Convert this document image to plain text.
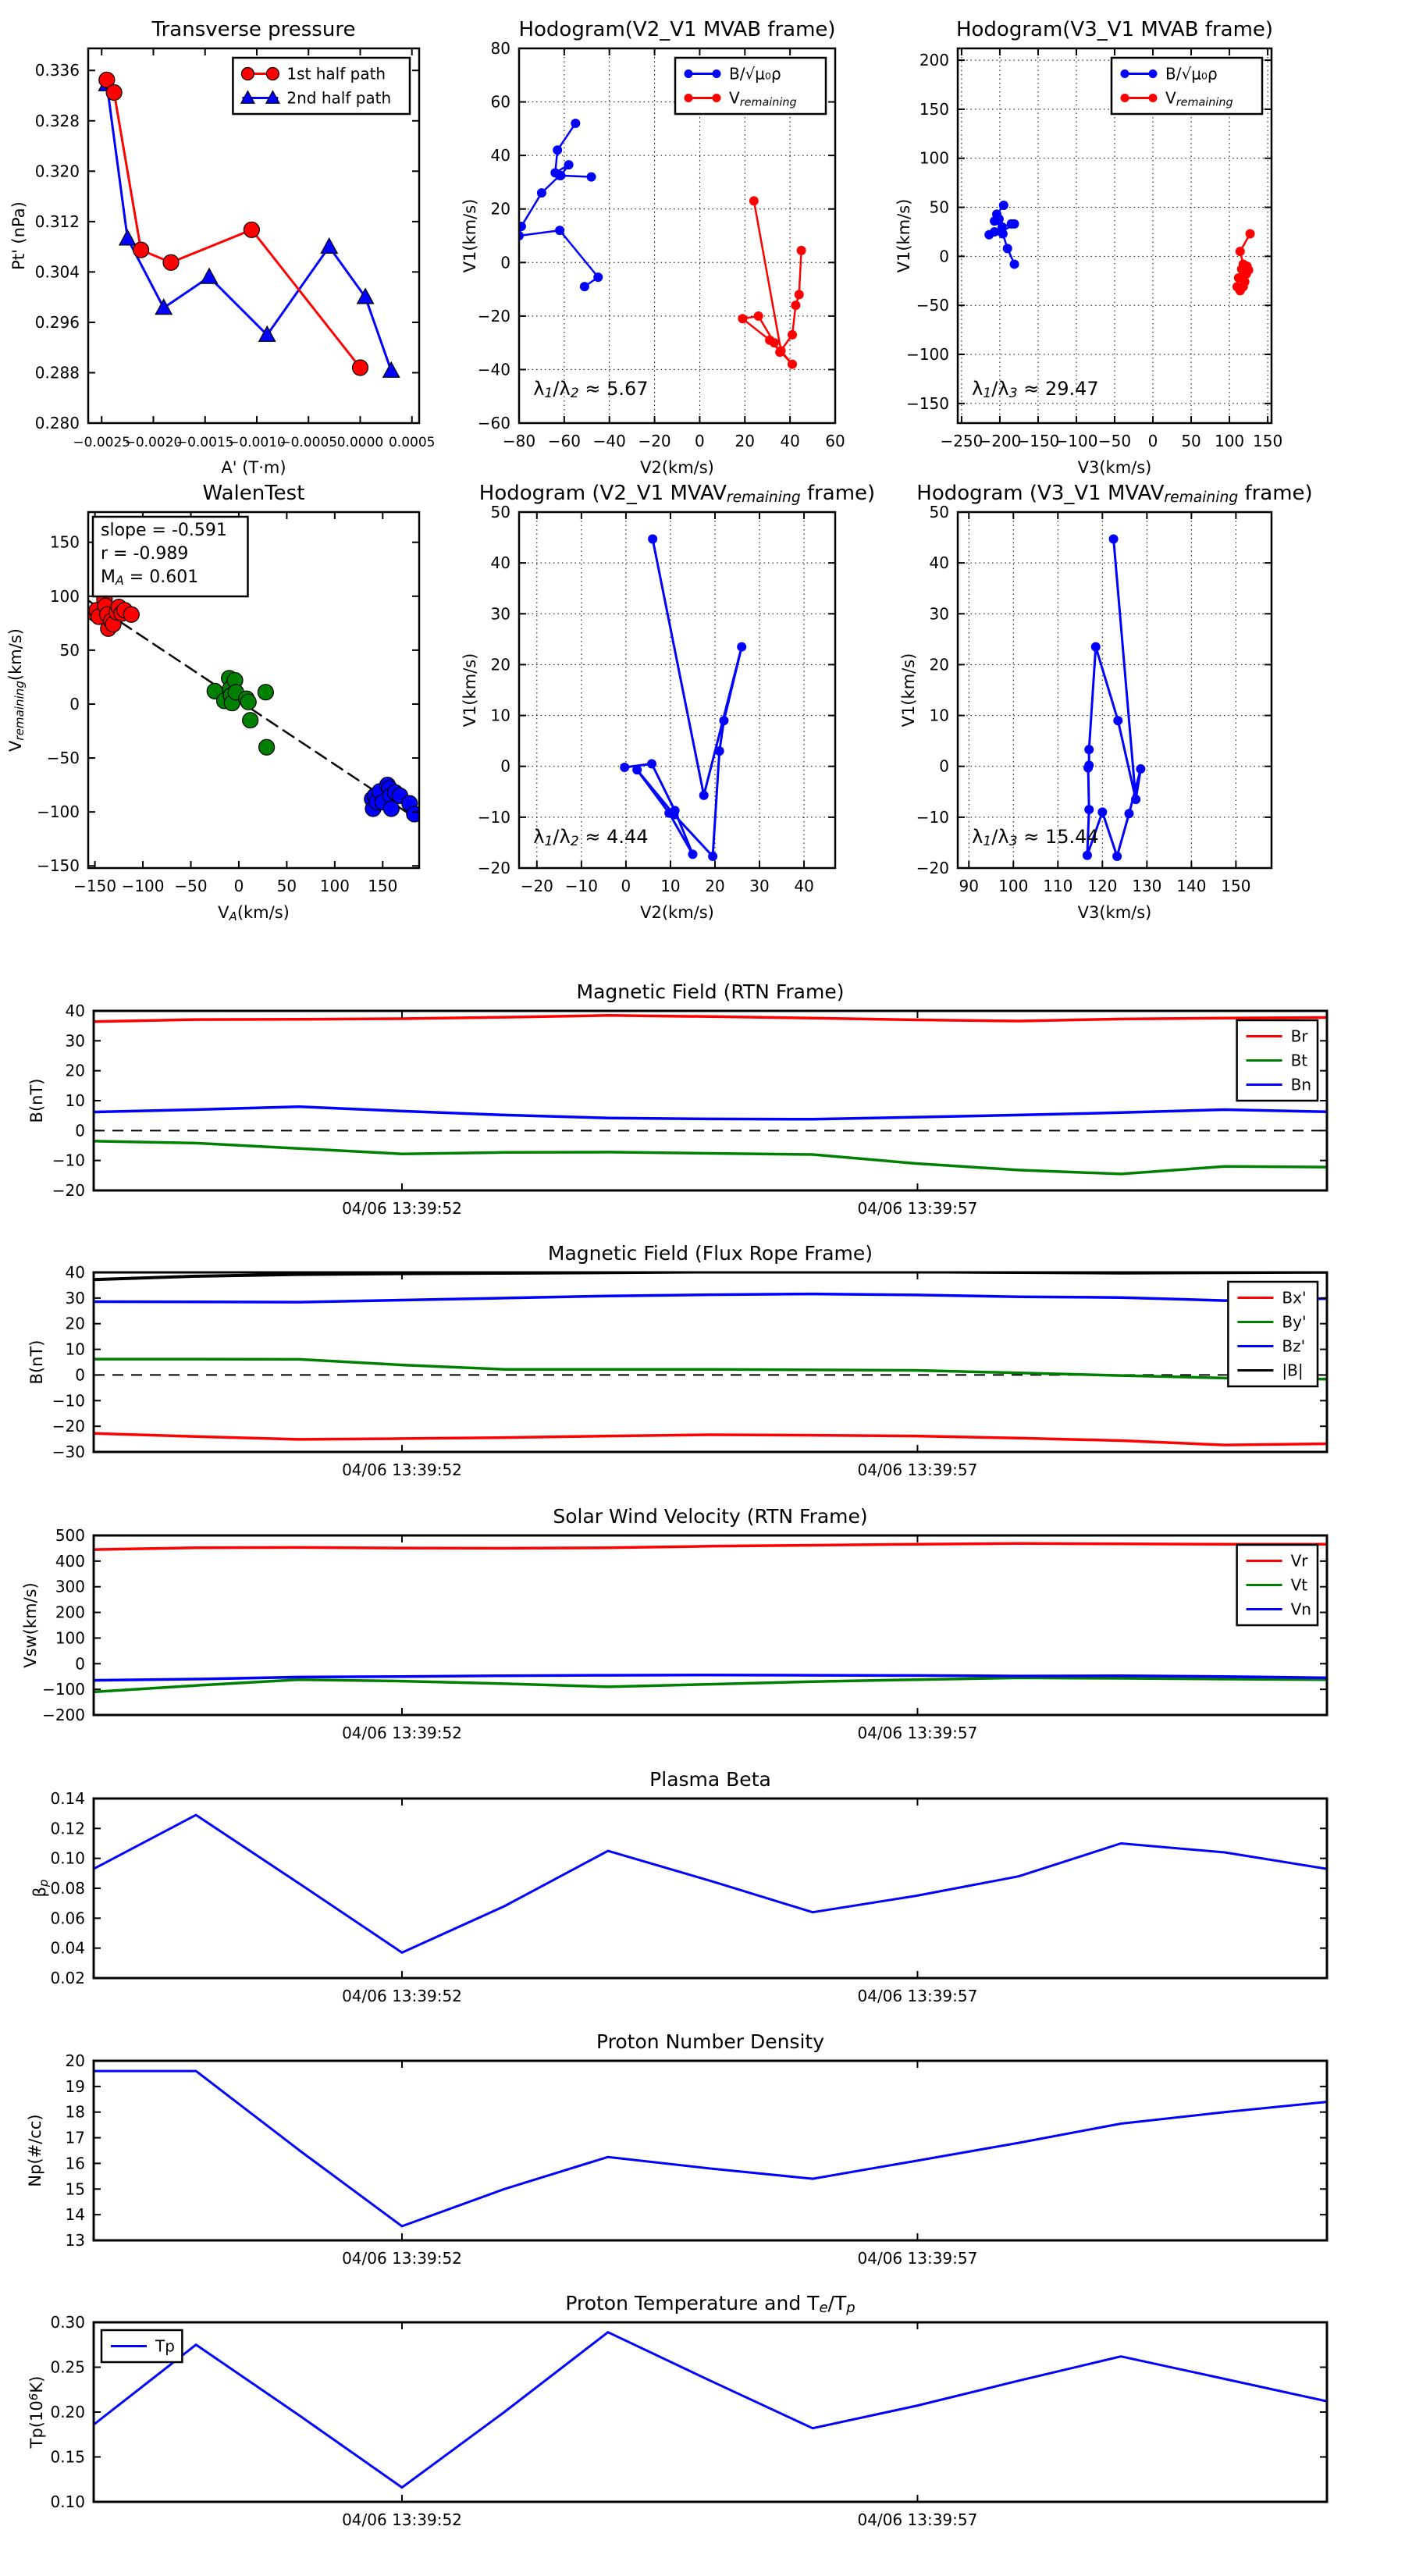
−0.0025
−0.0020
−0.0015
−0.0010
−0.0005 0.0000 0.0005
0.280
0.288
0.296
0.304
0.312
0.320
0.328
0.336
Transverse pressure
A' (T·m)
Pt' (nPa)
1st half path
2nd half path
−80 −60 −40 −20 0 20 40 60
−60
−40
−20
0
20
40
60
80
Hodogram(V2_V1 MVAB frame)
V2(km/s)
V1(km/s)
λ1/λ2 ≈ 5.67
B/√μ₀ρ
Vremaining
−250
−200
−150
−100 −50 0 50 100 150
−150
−100
−50
0
50
100
150
200
Hodogram(V3_V1 MVAB frame)
V3(km/s)
V1(km/s)
λ1/λ3 ≈ 29.47
B/√μ₀ρ
Vremaining
−150 −100 −50 0 50 100 150
−150
−100
−50
0
50
100
150
WalenTest
VA(km/s)
Vremaining(km/s)
slope = -0.591
r = -0.989
MA = 0.601
−20 −10 0 10 20 30 40
−20
−10
0
10
20
30
40
50
Hodogram (V2_V1 MVAVremaining frame)
V2(km/s)
V1(km/s)
λ1/λ2 ≈ 4.44
90 100 110 120 130 140 150
−20
−10
0
10
20
30
40
50
Hodogram (V3_V1 MVAVremaining frame)
V3(km/s)
V1(km/s)
λ1/λ3 ≈ 15.44
04/06 13:39:52	04/06 13:39:57
−20
−10
0
10
20
30
40
Magnetic Field (RTN Frame)
B(nT)
Br
Bt
Bn
04/06 13:39:52	04/06 13:39:57
−30
−20
−10
0
10
20
30
40
Magnetic Field (Flux Rope Frame)
B(nT)
Bx'
By'
Bz'
|B|
04/06 13:39:52	04/06 13:39:57
−200
−100
0
100
200
300
400
500
Solar Wind Velocity (RTN Frame)
Vsw(km/s)
Vr
Vt
Vn
04/06 13:39:52	04/06 13:39:57
0.02
0.04
0.06
0.08
0.10
0.12
0.14
Plasma Beta
βp
04/06 13:39:52	04/06 13:39:57
13
14
15
16
17
18
19
20
Proton Number Density
Np(#/cc)
04/06 13:39:52	04/06 13:39:57
0.10
0.15
0.20
0.25
0.30
Proton Temperature and Te/Tp
Tp(106K)
Tp
